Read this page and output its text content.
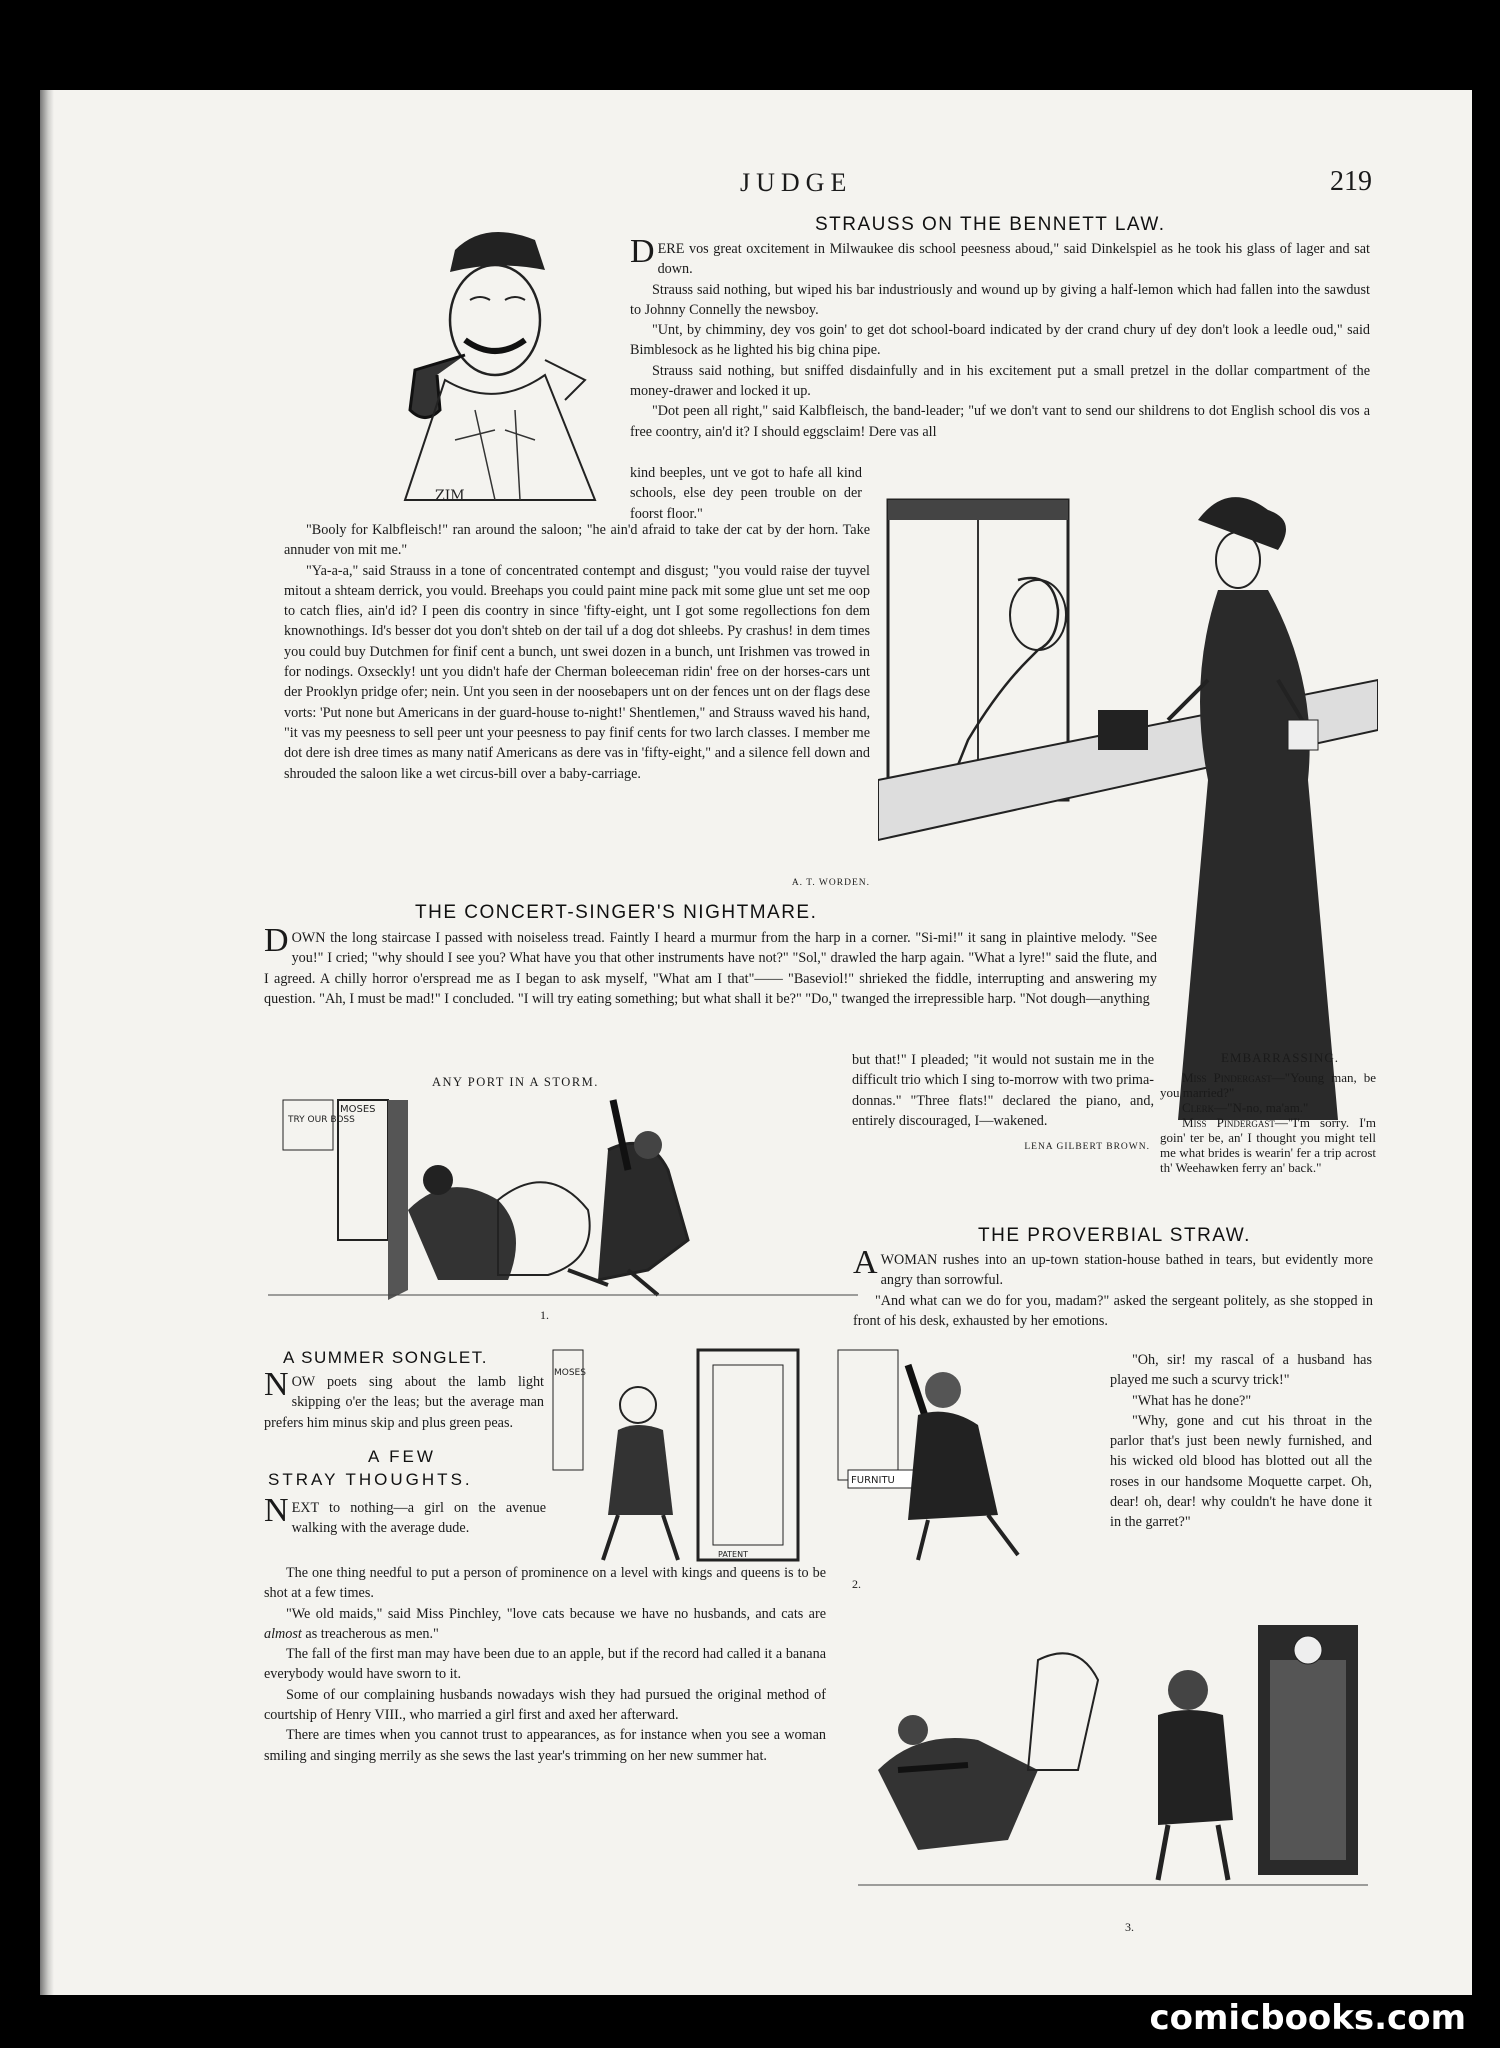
JUDGE	219
STRAUSS ON THE BENNETT LAW.
ZIM

DERE vos great oxcitement in Milwaukee dis school peesness aboud," said Dinkelspiel as he took his glass of lager and sat down.

Strauss said nothing, but wiped his bar industriously and wound up by giving a half-lemon which had fallen into the sawdust to Johnny Connelly the newsboy.

"Unt, by chimminy, dey vos goin' to get dot school-board indicated by der crand chury uf dey don't look a leedle oud," said Bimblesock as he lighted his big china pipe.

Strauss said nothing, but sniffed disdainfully and in his excitement put a small pretzel in the dollar compartment of the money-drawer and locked it up.

"Dot peen all right," said Kalbfleisch, the band-leader; "uf we don't vant to send our shildrens to dot English school dis vos a free coontry, ain'd it? I should eggsclaim! Dere vas all

kind beeples, unt ve got to hafe all kind schools, else dey peen trouble on der foorst floor."

"Booly for Kalbfleisch!" ran around the saloon; "he ain'd afraid to take der cat by der horn. Take annuder von mit me."

"Ya-a-a," said Strauss in a tone of concentrated contempt and disgust; "you vould raise der tuyvel mitout a shteam derrick, you vould. Breehaps you could paint mine pack mit some glue unt set me oop to catch flies, ain'd id? I peen dis coontry in since 'fifty-eight, unt I got some regollections fon dem knownothings. Id's besser dot you don't shteb on der tail uf a dog dot shleebs. Py crashus! in dem times you could buy Dutchmen for finif cent a bunch, unt swei dozen in a bunch, unt Irishmen vas trowed in for nodings. Oxseckly! unt you didn't hafe der Cherman boleeceman ridin' free on der horses-cars unt der Prooklyn pridge ofer; nein. Unt you seen in der noosebapers unt on der fences unt on der flags dese vorts: 'Put none but Americans in der guard-house to-night!' Shentlemen," and Strauss waved his hand, "it vas my peesness to sell peer unt your peesness to pay finif cents for two larch classes. I member me dot dere ish dree times as many natif Americans as dere vas in 'fifty-eight," and a silence fell down and shrouded the saloon like a wet circus-bill over a baby-carriage.

A. T. WORDEN.
THE CONCERT-SINGER'S NIGHTMARE.

DOWN the long staircase I passed with noiseless tread. Faintly I heard a murmur from the harp in a corner. "Si-mi!" it sang in plaintive melody. "See you!" I cried; "why should I see you? What have you that other instruments have not?" "Sol," drawled the harp again. "What a lyre!" said the flute, and I agreed. A chilly horror o'erspread me as I began to ask myself, "What am I that"—— "Baseviol!" shrieked the fiddle, interrupting and answering my question. "Ah, I must be mad!" I concluded. "I will try eating something; but what shall it be?" "Do," twanged the irrepressible harp. "Not dough—anything

but that!" I pleaded; "it would not sustain me in the difficult trio which I sing to-morrow with two prima-donnas." "Three flats!" declared the piano, and, entirely discouraged, I—wakened.

LENA GILBERT BROWN.
EMBARRASSING.

Miss Pindergast—"Young man, be you married?"

Clerk—"N-no, ma'am."

Miss Pindergast—"I'm sorry. I'm goin' ter be, an' I thought you might tell me what brides is wearin' fer a trip acrost th' Weehawken ferry an' back."

ANY PORT IN A STORM.
TRY OUR BOSS
MOSES
1.
THE PROVERBIAL STRAW.

AWOMAN rushes into an up-town station-house bathed in tears, but evidently more angry than sorrowful.

"And what can we do for you, madam?" asked the sergeant politely, as she stopped in front of his desk, exhausted by her emotions.

"Oh, sir! my rascal of a husband has played me such a scurvy trick!"

"What has he done?"

"Why, gone and cut his throat in the parlor that's just been newly furnished, and his wicked old blood has blotted out all the roses in our handsome Moquette carpet. Oh, dear! oh, dear! why couldn't he have done it in the garret?"

MOSES
PATENT
FURNITU
2.
A SUMMER SONGLET.

NOW poets sing about the lamb light skipping o'er the leas; but the average man prefers him minus skip and plus green peas.

A FEW
STRAY THOUGHTS.

NEXT to nothing—a girl on the avenue walking with the average dude.

The one thing needful to put a person of prominence on a level with kings and queens is to be shot at a few times.

"We old maids," said Miss Pinchley, "love cats because we have no husbands, and cats are almost as treacherous as men."

The fall of the first man may have been due to an apple, but if the record had called it a banana everybody would have sworn to it.

Some of our complaining husbands nowadays wish they had pursued the original method of courtship of Henry VIII., who married a girl first and axed her afterward.

There are times when you cannot trust to appearances, as for instance when you see a woman smiling and singing merrily as she sews the last year's trimming on her new summer hat.

3.
comicbooks.com
